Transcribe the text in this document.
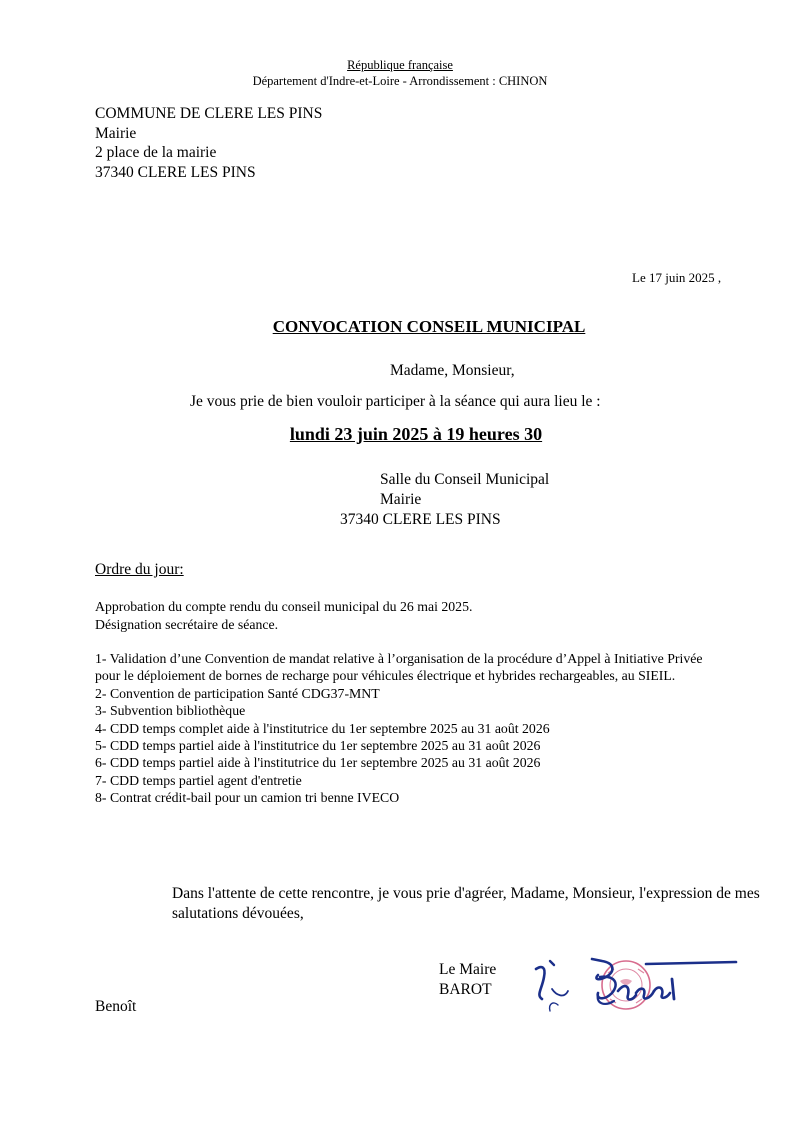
République française
Département d'Indre-et-Loire - Arrondissement : CHINON
COMMUNE DE CLERE LES PINS
Mairie
2 place de la mairie
37340 CLERE LES PINS
Le 17 juin 2025 ,
CONVOCATION CONSEIL MUNICIPAL
Madame, Monsieur,
Je vous prie de bien vouloir participer à la séance qui aura lieu le :
lundi 23 juin 2025 à 19 heures 30
Salle du Conseil Municipal
Mairie
37340 CLERE LES PINS
Ordre du jour:
Approbation du compte rendu du conseil municipal du 26 mai 2025.
Désignation secrétaire de séance.
1- Validation d’une Convention de mandat relative à l’organisation de la procédure d’Appel à Initiative Privée
pour le déploiement de bornes de recharge pour véhicules électrique et hybrides rechargeables, au SIEIL.
2- Convention de participation Santé CDG37-MNT
3- Subvention bibliothèque
4- CDD temps complet aide à l'institutrice du 1er septembre 2025 au 31 août 2026
5- CDD temps partiel aide à l'institutrice du 1er septembre 2025 au 31 août 2026
6- CDD temps partiel aide à l'institutrice du 1er septembre 2025 au 31 août 2026
7- CDD temps partiel agent d'entretie
8- Contrat crédit-bail pour un camion tri benne IVECO
Dans l'attente de cette rencontre, je vous prie d'agréer, Madame, Monsieur, l'expression de mes salutations dévouées,
Le Maire
BAROT
Benoît
